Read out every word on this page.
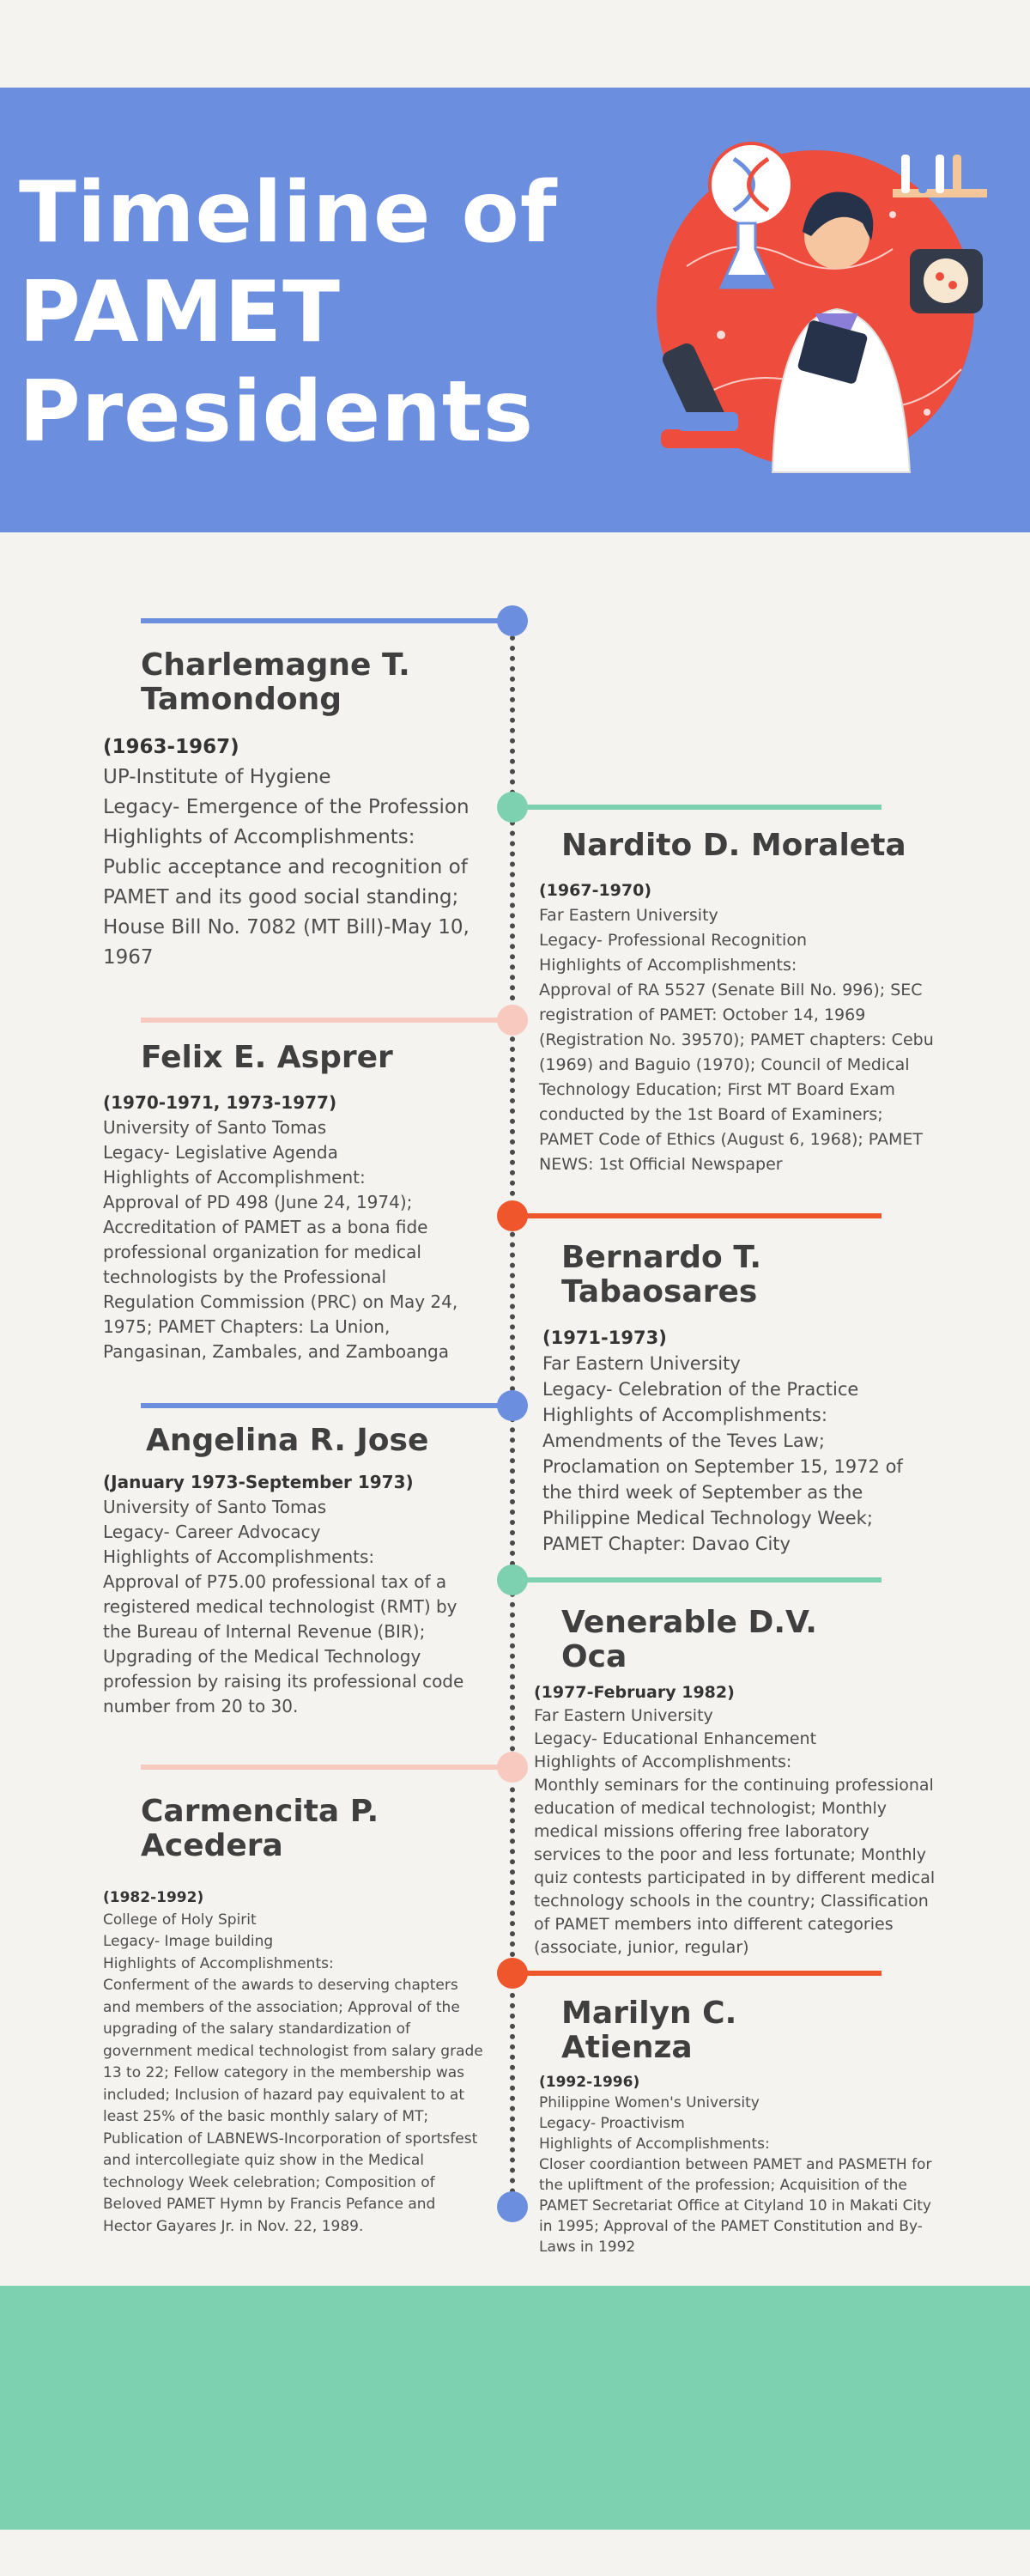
Timeline of
PAMET
Presidents

Charlemagne T. Tamondong

(1963-1967)

UP-Institute of Hygiene

Legacy- Emergence of the Profession

Highlights of Accomplishments:

Public acceptance and recognition of PAMET and its good social standing; House Bill No. 7082 (MT Bill)-May 10, 1967

Nardito D. Moraleta

(1967-1970)

Far Eastern University

Legacy- Professional Recognition

Highlights of Accomplishments:

Approval of RA 5527 (Senate Bill No. 996); SEC registration of PAMET: October 14, 1969 (Registration No. 39570); PAMET chapters: Cebu (1969) and Baguio (1970); Council of Medical Technology Education; First MT Board Exam conducted by the 1st Board of Examiners; PAMET Code of Ethics (August 6, 1968); PAMET NEWS: 1st Official Newspaper

Felix E. Asprer

(1970-1971, 1973-1977)

University of Santo Tomas

Legacy- Legislative Agenda

Highlights of Accomplishment:

Approval of PD 498 (June 24, 1974); Accreditation of PAMET as a bona fide professional organization for medical technologists by the Professional Regulation Commission (PRC) on May 24, 1975; PAMET Chapters: La Union, Pangasinan, Zambales, and Zamboanga

Bernardo T. Tabaosares

(1971-1973)

Far Eastern University

Legacy- Celebration of the Practice

Highlights of Accomplishments:

Amendments of the Teves Law; Proclamation on September 15, 1972 of the third week of September as the Philippine Medical Technology Week; PAMET Chapter: Davao City

Angelina R. Jose

(January 1973-September 1973)

University of Santo Tomas

Legacy- Career Advocacy

Highlights of Accomplishments:

Approval of P75.00 professional tax of a registered medical technologist (RMT) by the Bureau of Internal Revenue (BIR); Upgrading of the Medical Technology profession by raising its professional code number from 20 to 30.

Venerable D.V. Oca

(1977-February 1982)

Far Eastern University

Legacy- Educational Enhancement

Highlights of Accomplishments:

Monthly seminars for the continuing professional education of medical technologist; Monthly medical missions offering free laboratory services to the poor and less fortunate; Monthly quiz contests participated in by different medical technology schools in the country; Classification of PAMET members into different categories (associate, junior, regular)

Carmencita P. Acedera

(1982-1992)

College of Holy Spirit

Legacy- Image building

Highlights of Accomplishments:

Conferment of the awards to deserving chapters and members of the association; Approval of the upgrading of the salary standardization of government medical technologist from salary grade 13 to 22; Fellow category in the membership was included; Inclusion of hazard pay equivalent to at least 25% of the basic monthly salary of MT; Publication of LABNEWS-Incorporation of sportsfest and intercollegiate quiz show in the Medical technology Week celebration; Composition of Beloved PAMET Hymn by Francis Pefance and Hector Gayares Jr. in Nov. 22, 1989.

Marilyn C. Atienza

(1992-1996)

Philippine Women's University

Legacy- Proactivism

Highlights of Accomplishments:

Closer coordiantion between PAMET and PASMETH for the upliftment of the profession; Acquisition of the PAMET Secretariat Office at Cityland 10 in Makati City in 1995; Approval of the PAMET Constitution and By-Laws in 1992
